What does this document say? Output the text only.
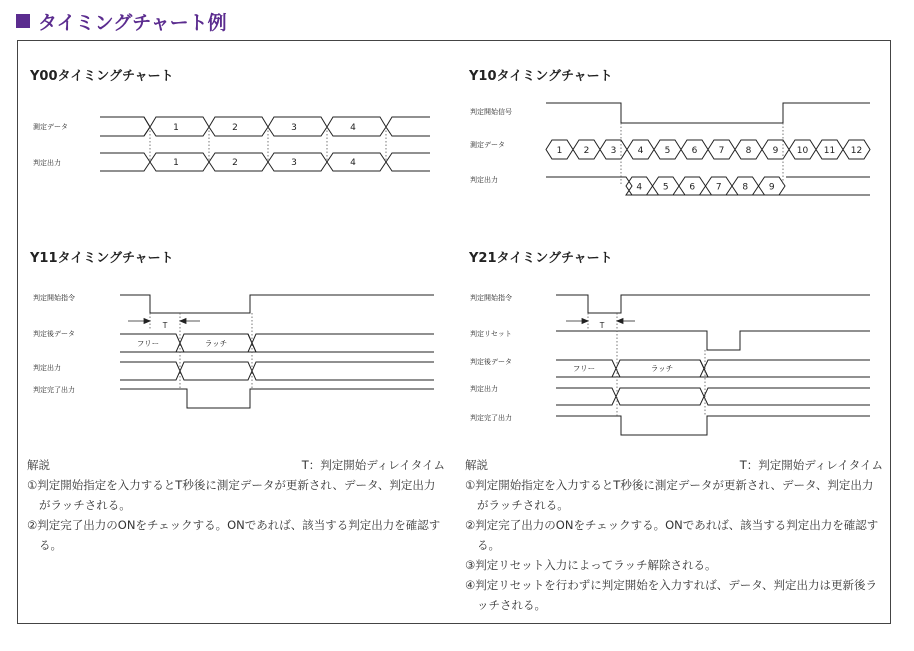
タイミングチャート例
Y00タイミングチャート	Y10タイミングチャート
Y11タイミングチャート	Y21タイミングチャート
1 2 3 4 5 6 7 8 9 10 11 12
4 5 6 7 8 9
測定データ
判定出力
判定開始信号
測定データ
判定出力
判定開始指令
判定後データ
判定出力
判定完了出力
判定開始指令
判定リセット
判定後データ
判定出力
判定完了出力
1	2	3	4
1	2	3	4
T
フリー	ラッチ
T
フリー	ラッチ
解説	T：判定開始ディレイタイム
①判定開始指定を入力するとT秒後に測定データが更新され、データ、判定出力がラッチされる。
②判定完了出力のONをチェックする。ONであれば、該当する判定出力を確認する。
解説	T：判定開始ディレイタイム
①判定開始指定を入力するとT秒後に測定データが更新され、データ、判定出力がラッチされる。
②判定完了出力のONをチェックする。ONであれば、該当する判定出力を確認する。
③判定リセット入力によってラッチ解除される。
④判定リセットを行わずに判定開始を入力すれば、データ、判定出力は更新後ラッチされる。
